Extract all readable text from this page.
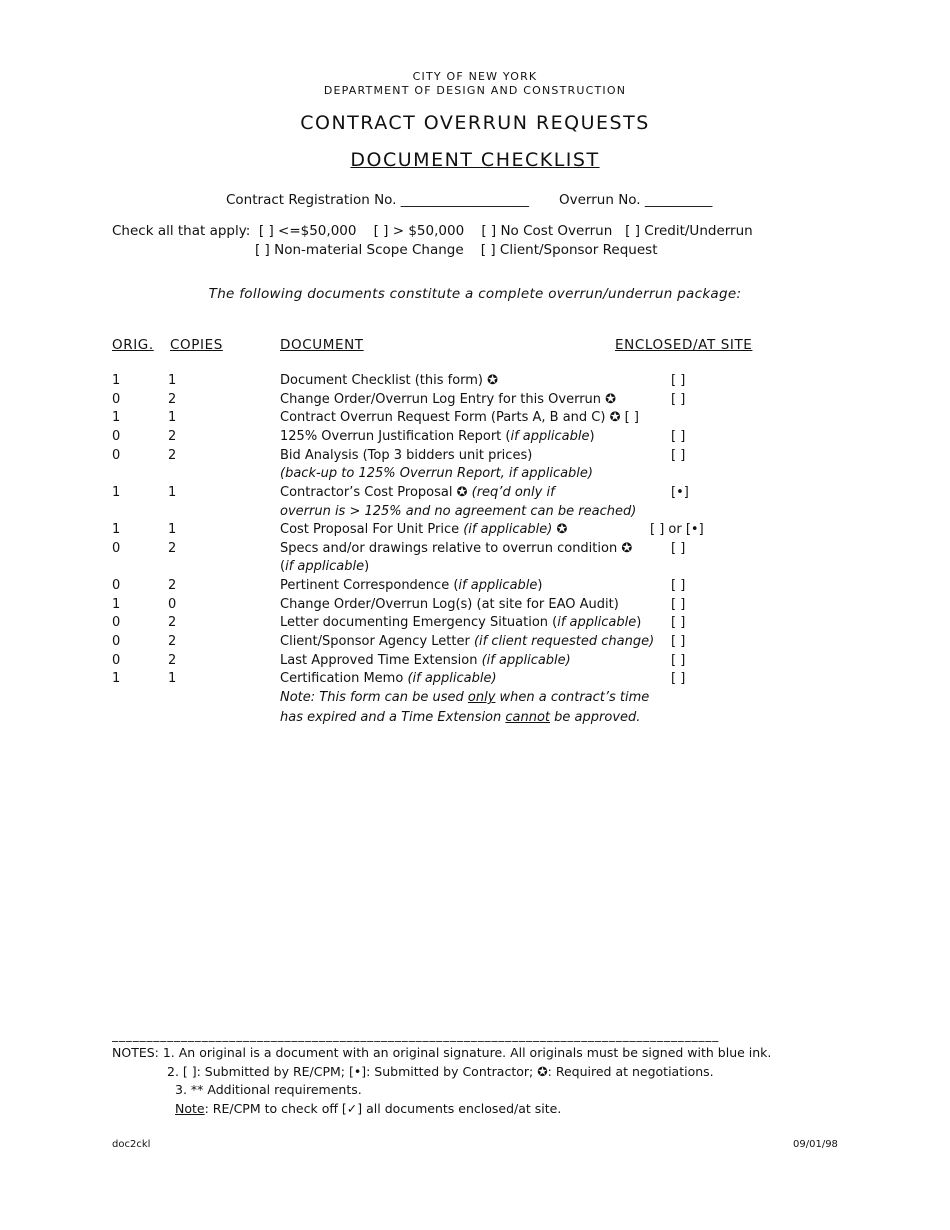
CITY OF NEW YORK
DEPARTMENT OF DESIGN AND CONSTRUCTION
CONTRACT OVERRUN REQUESTS
DOCUMENT CHECKLIST
Contract Registration No. ___________________ Overrun No. __________
Check all that apply:  [ ] <=$50,000    [ ] > $50,000    [ ] No Cost Overrun   [ ] Credit/Underrun
[ ] Non-material Scope Change    [ ] Client/Sponsor Request
The following documents constitute a complete overrun/underrun package:
ORIG. COPIES	DOCUMENT	ENCLOSED/AT SITE
1	1	Document Checklist (this form) ✪	[ ]
0	2	Change Order/Overrun Log Entry for this Overrun ✪	[ ]
1	1	Contract Overrun Request Form (Parts A, B and C) ✪ [ ]
0	2	125% Overrun Justification Report (if applicable)	[ ]
0	2	Bid Analysis (Top 3 bidders unit prices)	[ ]
(back-up to 125% Overrun Report, if applicable)
1	1	Contractor’s Cost Proposal ✪ (req’d only if	[•]
overrun is > 125% and no agreement can be reached)
1	1	Cost Proposal For Unit Price (if applicable) ✪	[ ] or [•]
0	2	Specs and/or drawings relative to overrun condition ✪	[ ]
(if applicable)
0	2	Pertinent Correspondence (if applicable)	[ ]
1	0	Change Order/Overrun Log(s) (at site for EAO Audit)	[ ]
0	2	Letter documenting Emergency Situation (if applicable) [ ]
0	2	Client/Sponsor Agency Letter (if client requested change) [ ]
0	2	Last Approved Time Extension (if applicable)	[ ]
1	1	Certification Memo (if applicable)	[ ]
Note: This form can be used only when a contract’s time
has expired and a Time Extension cannot be approved.
________________________________________________________________________________________
NOTES: 1. An original is a document with an original signature. All originals must be signed with blue ink.
2. [ ]: Submitted by RE/CPM; [•]: Submitted by Contractor; ✪: Required at negotiations.
3. ** Additional requirements.
Note: RE/CPM to check off [✓] all documents enclosed/at site.
doc2ckl	09/01/98
